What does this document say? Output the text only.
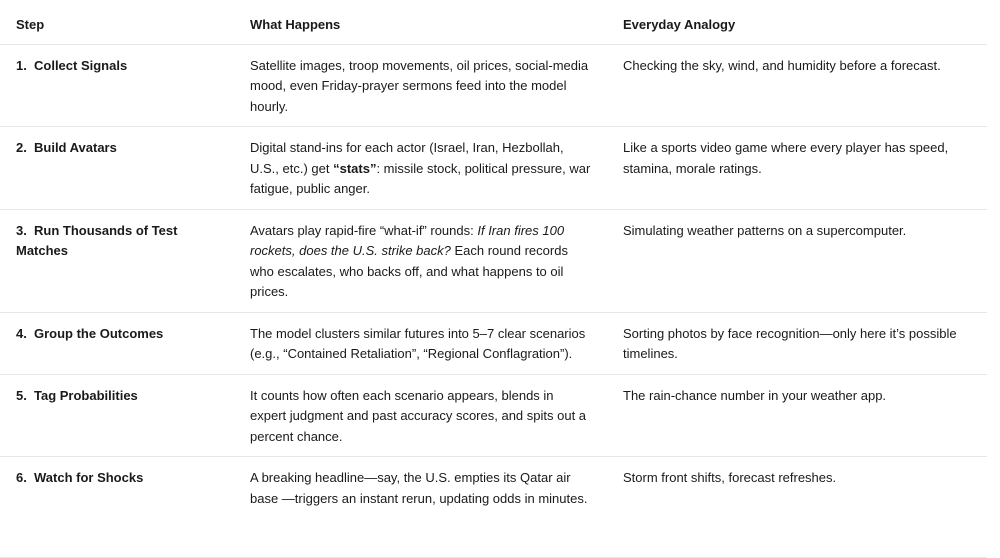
Step	What Happens	Everyday Analogy
1. Collect Signals	Satellite images, troop movements, oil prices, social-media mood, even Friday-prayer sermons feed into the model hourly.	Checking the sky, wind, and humidity before a forecast.
2. Build Avatars	Digital stand-ins for each actor (Israel, Iran, Hezbollah, U.S., etc.) get “stats”: missile stock, political pressure, war fatigue, public anger.	Like a sports video game where every player has speed, stamina, morale ratings.
3. Run Thousands of Test Matches	Avatars play rapid-fire “what-if” rounds: If Iran fires 100 rockets, does the U.S. strike back? Each round records who escalates, who backs off, and what happens to oil prices.	Simulating weather patterns on a supercomputer.
4. Group the Outcomes	The model clusters similar futures into 5–7 clear scenarios (e.g., “Contained Retaliation”, “Regional Conflagration”).	Sorting photos by face recognition—only here it’s possible timelines.
5. Tag Probabilities	It counts how often each scenario appears, blends in expert judgment and past accuracy scores, and spits out a percent chance.	The rain-chance number in your weather app.
6. Watch for Shocks	A breaking headline—say, the U.S. empties its Qatar air base —triggers an instant rerun, updating odds in minutes.	Storm front shifts, forecast refreshes.
